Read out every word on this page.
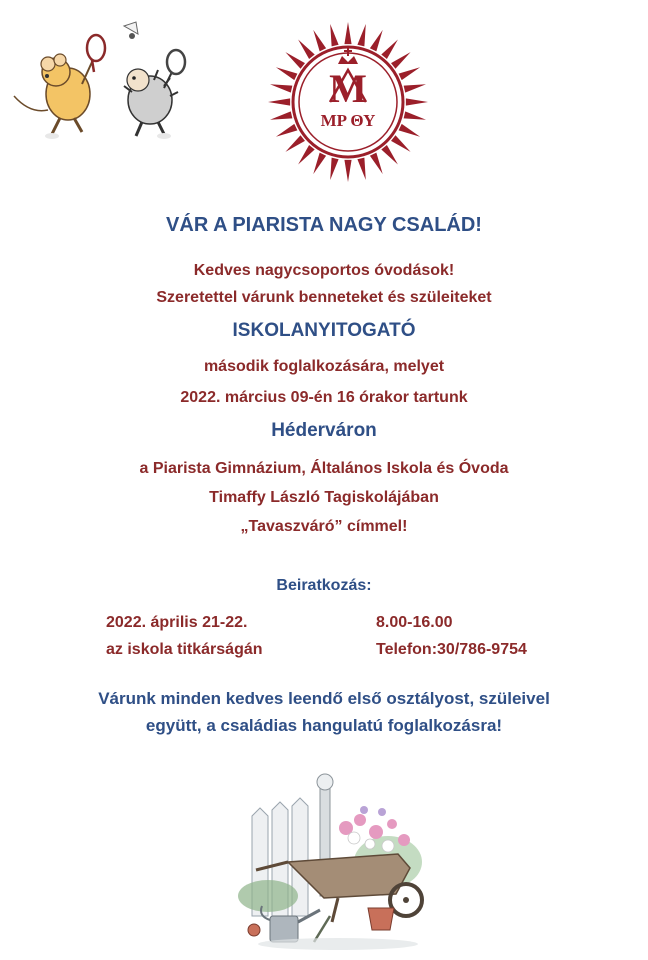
M
MP ΘΥ
VÁR A PIARISTA NAGY CSALÁD!
Kedves nagycsoportos óvodások!
Szeretettel várunk benneteket és szüleiteket
ISKOLANYITOGATÓ
második foglalkozására, melyet
2022. március 09-én 16 órakor tartunk
Héderváron
a Piarista Gimnázium, Általános Iskola és Óvoda
Timaffy László Tagiskolájában
„Tavaszváró” címmel!
Beiratkozás:
2022. április 21-22.
az iskola titkárságán
8.00-16.00
Telefon:30/786-9754
Várunk minden kedves leendő első osztályost, szüleivel
együtt, a családias hangulatú foglalkozásra!
